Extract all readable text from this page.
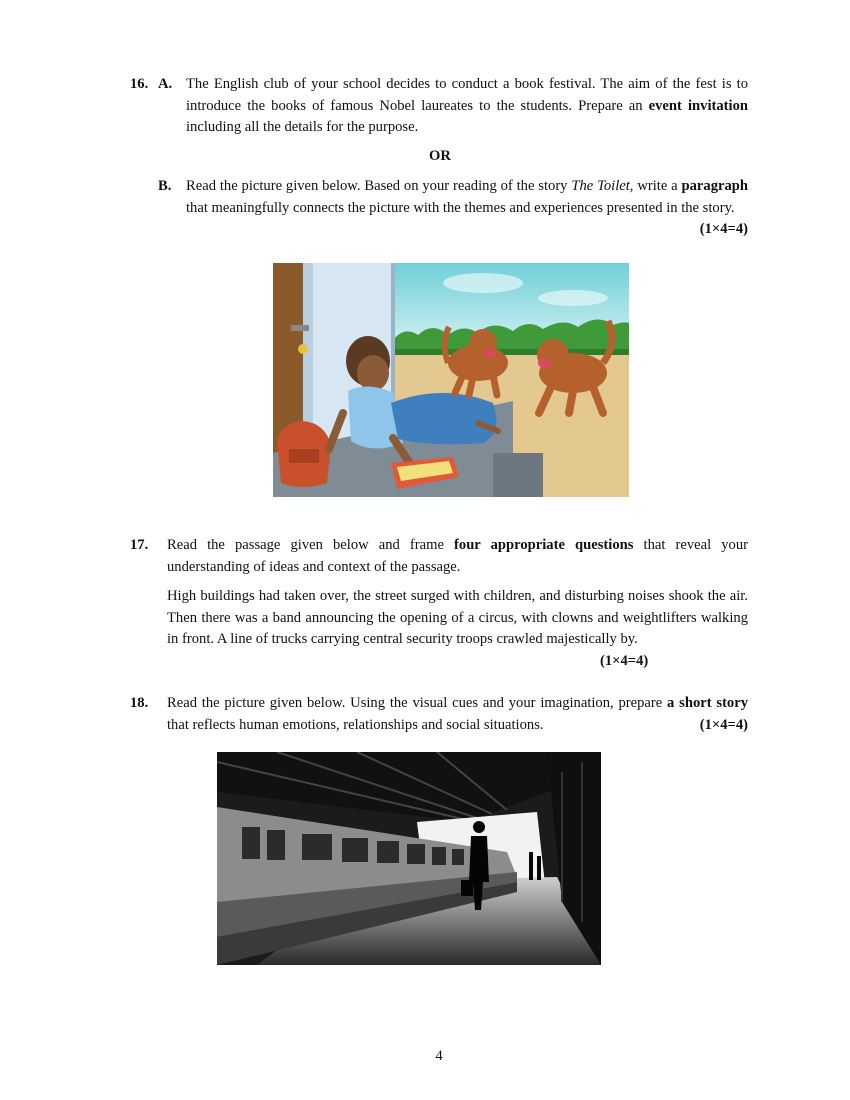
16. A. The English club of your school decides to conduct a book festival. The aim of the fest is to introduce the books of famous Nobel laureates to the students. Prepare an event invitation including all the details for the purpose.
OR
B. Read the picture given below. Based on your reading of the story The Toilet, write a paragraph that meaningfully connects the picture with the themes and experiences presented in the story.
(1×4=4)
17. Read the passage given below and frame four appropriate questions that reveal your understanding of ideas and context of the passage.
High buildings had taken over, the street surged with children, and disturbing noises shook the air. Then there was a band announcing the opening of a circus, with clowns and weightlifters walking in front. A line of trucks carrying central security troops crawled majestically by.
(1×4=4)
18. Read the picture given below. Using the visual cues and your imagination, prepare a short story that reflects human emotions, relationships and social situations.	(1×4=4)
4
